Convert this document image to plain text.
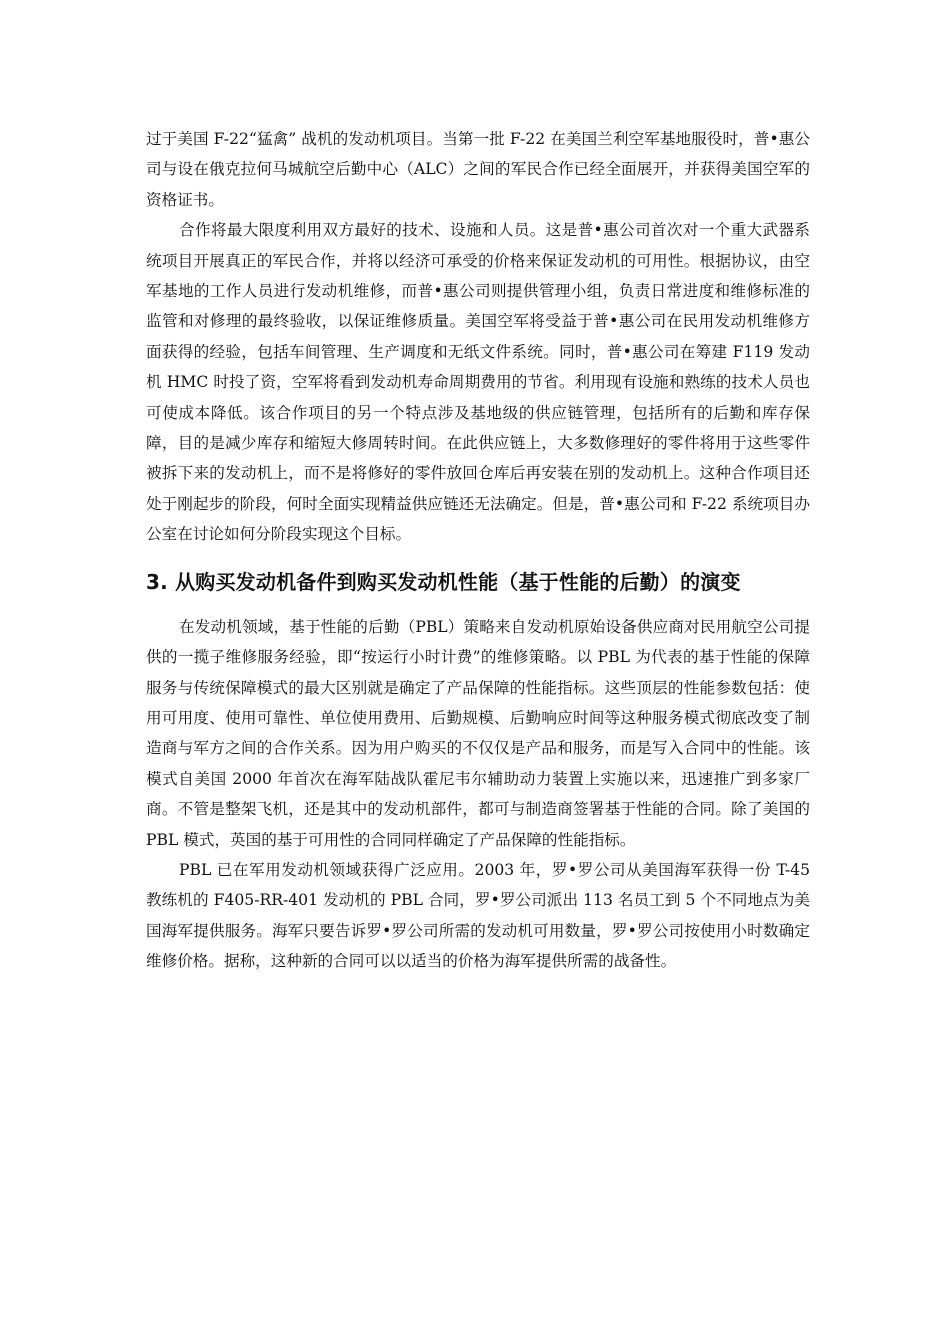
过于美国 F-22“猛禽” 战机的发动机项目。当第一批 F-22 在美国兰利空军基地服役时，普•惠公司与设在俄克拉何马城航空后勤中心（ALC）之间的军民合作已经全面展开，并获得美国空军的资格证书。

合作将最大限度利用双方最好的技术、设施和人员。这是普•惠公司首次对一个重大武器系统项目开展真正的军民合作，并将以经济可承受的价格来保证发动机的可用性。根据协议，由空军基地的工作人员进行发动机维修，而普•惠公司则提供管理小组，负责日常进度和维修标准的监管和对修理的最终验收，以保证维修质量。美国空军将受益于普•惠公司在民用发动机维修方面获得的经验，包括车间管理、生产调度和无纸文件系统。同时，普•惠公司在筹建 F119 发动机 HMC 时投了资，空军将看到发动机寿命周期费用的节省。利用现有设施和熟练的技术人员也可使成本降低。该合作项目的另一个特点涉及基地级的供应链管理，包括所有的后勤和库存保障，目的是减少库存和缩短大修周转时间。在此供应链上，大多数修理好的零件将用于这些零件被拆下来的发动机上，而不是将修好的零件放回仓库后再安装在别的发动机上。这种合作项目还处于刚起步的阶段，何时全面实现精益供应链还无法确定。但是，普•惠公司和 F-22 系统项目办公室在讨论如何分阶段实现这个目标。

3. 从购买发动机备件到购买发动机性能（基于性能的后勤）的演变

在发动机领域，基于性能的后勤（PBL）策略来自发动机原始设备供应商对民用航空公司提供的一揽子维修服务经验，即“按运行小时计费”的维修策略。以 PBL 为代表的基于性能的保障服务与传统保障模式的最大区别就是确定了产品保障的性能指标。这些顶层的性能参数包括：使用可用度、使用可靠性、单位使用费用、后勤规模、后勤响应时间等这种服务模式彻底改变了制造商与军方之间的合作关系。因为用户购买的不仅仅是产品和服务，而是写入合同中的性能。该模式自美国 2000 年首次在海军陆战队霍尼韦尔辅助动力装置上实施以来，迅速推广到多家厂商。不管是整架飞机，还是其中的发动机部件，都可与制造商签署基于性能的合同。除了美国的 PBL 模式，英国的基于可用性的合同同样确定了产品保障的性能指标。

PBL 已在军用发动机领域获得广泛应用。2003 年，罗•罗公司从美国海军获得一份 T-45 教练机的 F405-RR-401 发动机的 PBL 合同，罗•罗公司派出 113 名员工到 5 个不同地点为美国海军提供服务。海军只要告诉罗•罗公司所需的发动机可用数量，罗•罗公司按使用小时数确定维修价格。据称，这种新的合同可以以适当的价格为海军提供所需的战备性。
